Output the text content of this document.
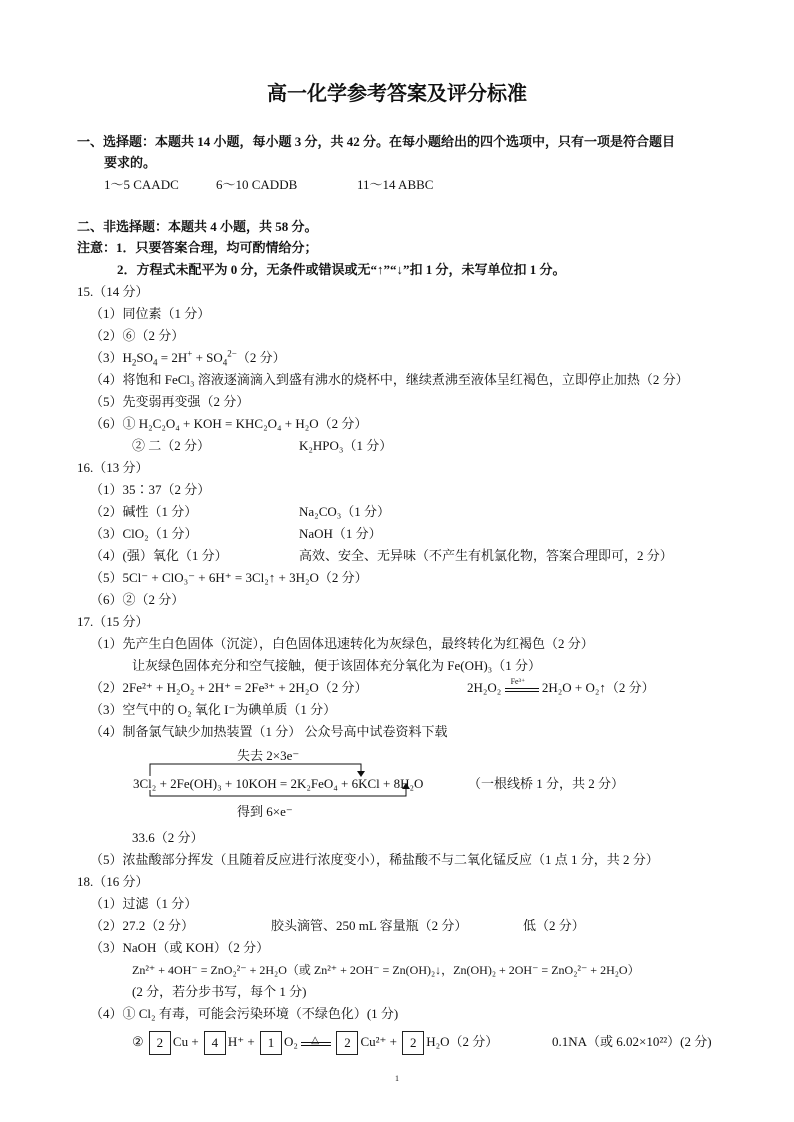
高一化学参考答案及评分标准
一、选择题：本题共 14 小题，每小题 3 分，共 42 分。在每小题给出的四个选项中，只有一项是符合题目
要求的。
1～5 CAADC	6～10 CADDB	11～14 ABBC
二、非选择题：本题共 4 小题，共 58 分。
注意：1．只要答案合理，均可酌情给分；
2．方程式未配平为 0 分，无条件或错误或无“↑”“↓”扣 1 分，未写单位扣 1 分。
15.（14 分）
（1）同位素（1 分）
（2）⑥（2 分）
$(3)H_2SO_4 = 2H^+ + SO_4^{2-}(2$ 分）
（4）将饱和 FeCl₃ 溶液逐滴滴入到盛有沸水的烧杯中，继续煮沸至液体呈红褐色，立即停止加热（2 分）
（5）先变弱再变强（2 分）
（6）① H₂C₂O₄ + KOH = KHC₂O₄ + H₂O（2 分）
② 二（2 分）	K₂HPO₃（1 分）
16.（13 分）
（1）35∶37（2 分）
（2）碱性（1 分）	Na₂CO₃（1 分）
（3）ClO₂（1 分）	NaOH（1 分）
（4）(强）氧化（1 分）	高效、安全、无异味（不产生有机氯化物，答案合理即可，2 分）
（5）5Cl⁻ + ClO₃⁻ + 6H⁺ = 3Cl₂↑ + 3H₂O（2 分）
（6）②（2 分）
17.（15 分）
（1）先产生白色固体（沉淀），白色固体迅速转化为灰绿色，最终转化为红褐色（2 分）
让灰绿色固体充分和空气接触，便于该固体充分氧化为 Fe(OH)₃（1 分）
（2）2Fe²⁺ + H₂O₂ + 2H⁺ = 2Fe³⁺ + 2H₂O（2 分）	2H₂O₂ Fe³⁺ 2H₂O + O₂↑（2 分）
（3）空气中的 O₂ 氧化 I⁻为碘单质（1 分）
（4）制备氯气缺少加热装置（1 分） 公众号高中试卷资料下载
失去 2×3e⁻
3Cl₂ + 2Fe(OH)₃ + 10KOH = 2K₂FeO₄ + 6KCl + 8H₂O	（一根线桥 1 分，共 2 分）
得到 6×e⁻
33.6（2 分）
（5）浓盐酸部分挥发（且随着反应进行浓度变小），稀盐酸不与二氧化锰反应（1 点 1 分，共 2 分）
18.（16 分）
（1）过滤（1 分）
（2）27.2（2 分）	胶头滴管、250 mL 容量瓶（2 分）	低（2 分）
（3）NaOH（或 KOH）（2 分）
Zn²⁺ + 4OH⁻ = ZnO₂²⁻ + 2H₂O（或 Zn²⁺ + 2OH⁻ = Zn(OH)₂↓，Zn(OH)₂ + 2OH⁻ = ZnO₂²⁻ + 2H₂O）
(2 分，若分步书写，每个 1 分)
（4）① Cl₂ 有毒，可能会污染环境（不绿色化）(1 分)
② 2 Cu + 4 H⁺ + 1 O₂ △ 2 Cu²⁺ + 2 H₂O（2 分）	0.1NA（或 6.02×10²²）(2 分)
1
